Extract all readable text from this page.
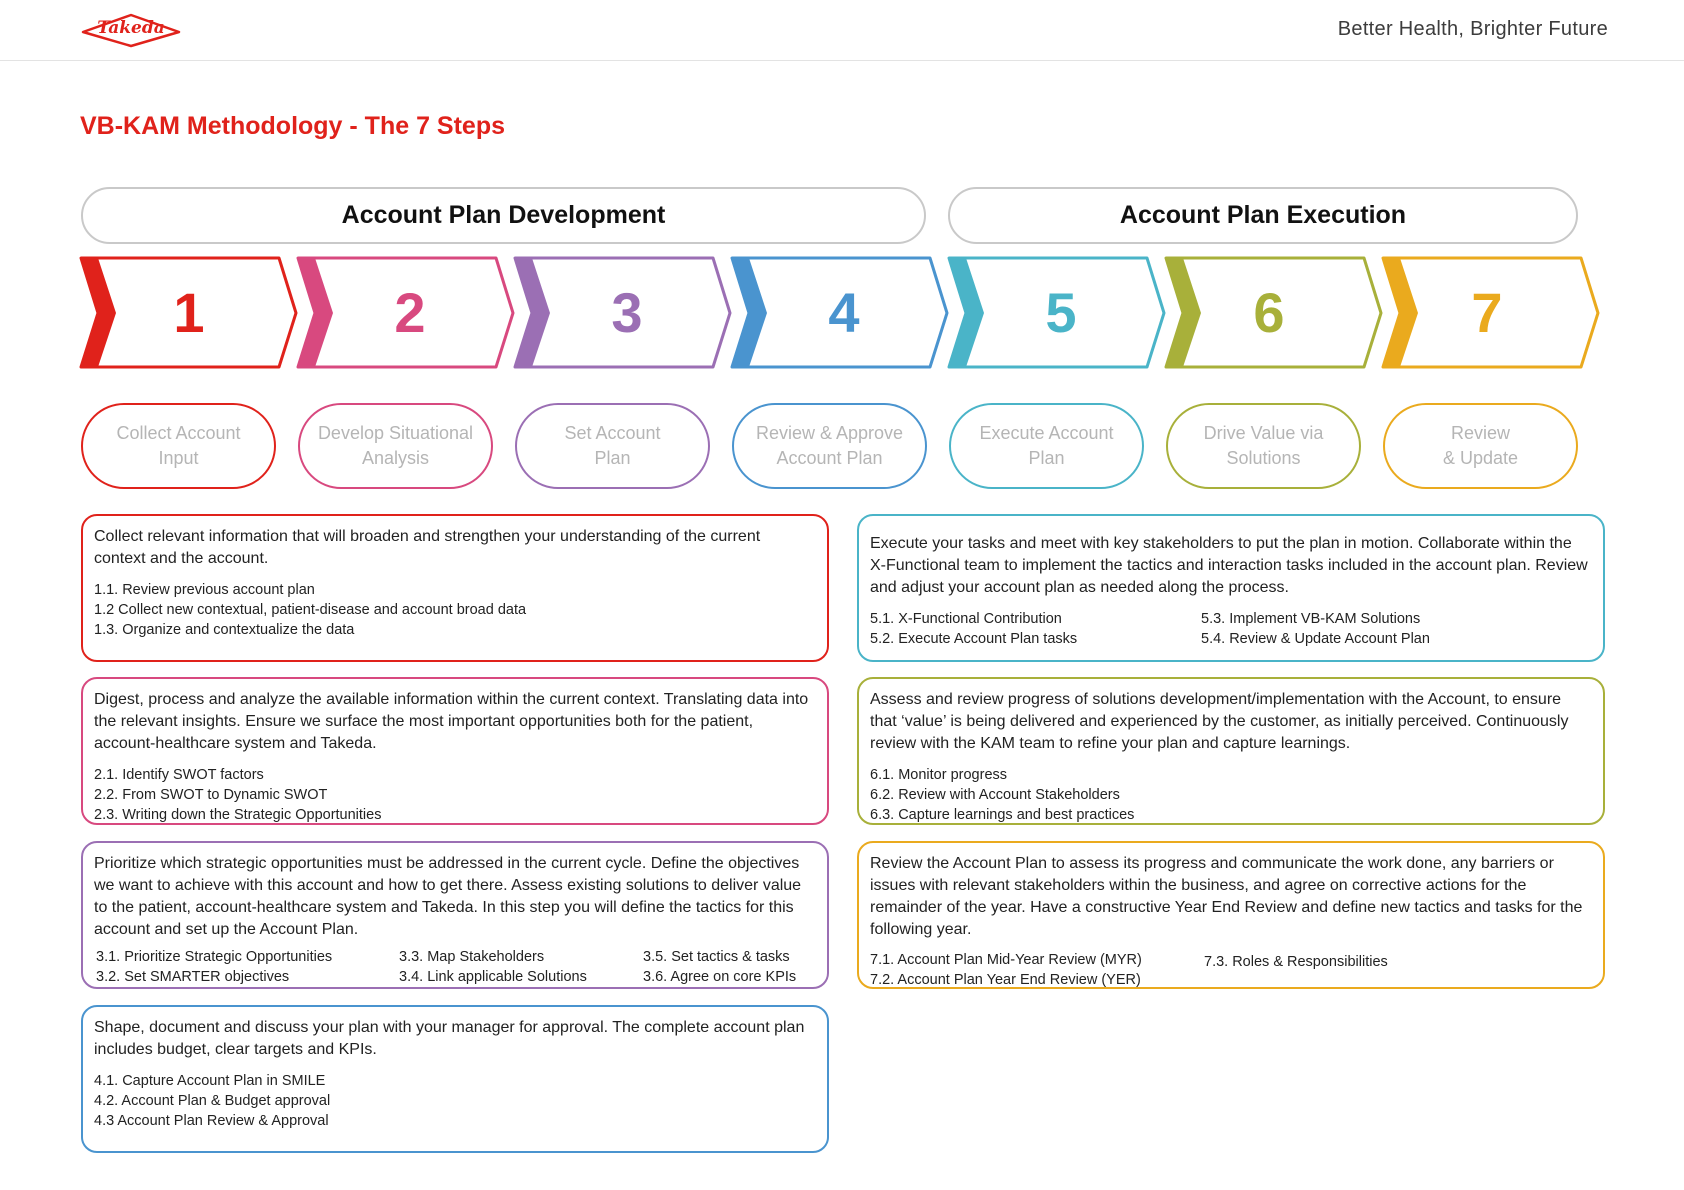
Takeda	Better Health, Brighter Future
VB-KAM Methodology - The 7 Steps
Account Plan Development	Account Plan Execution
1	2	3	4	5	6	7
Collect Account
Input
Develop Situational
Analysis
Set Account
Plan
Review & Approve
Account Plan
Execute Account
Plan
Drive Value via
Solutions
Review
& Update
Collect relevant information that will broaden and strengthen your understanding of the current context and the account.
1.1. Review previous account plan
1.2 Collect new contextual, patient-disease and account broad data
1.3. Organize and contextualize the data
Digest, process and analyze the available information within the current context. Translating data into the relevant insights. Ensure we surface the most important opportunities both for the patient, account-healthcare system and Takeda.
2.1. Identify SWOT factors
2.2. From SWOT to Dynamic SWOT
2.3. Writing down the Strategic Opportunities
Prioritize which strategic opportunities must be addressed in the current cycle. Define the objectives we want to achieve with this account and how to get there. Assess existing solutions to deliver value to the patient, account-healthcare system and Takeda. In this step you will define the tactics for this account and set up the Account Plan.
3.1. Prioritize Strategic Opportunities
3.2. Set SMARTER objectives
3.3. Map Stakeholders
3.4. Link applicable Solutions
3.5. Set tactics & tasks
3.6. Agree on core KPIs
Shape, document and discuss your plan with your manager for approval. The complete account plan includes budget, clear targets and KPIs.
4.1. Capture Account Plan in SMILE
4.2. Account Plan & Budget approval
4.3 Account Plan Review & Approval
Execute your tasks and meet with key stakeholders to put the plan in motion. Collaborate within the X-Functional team to implement the tactics and interaction tasks included in the account plan. Review and adjust your account plan as needed along the process.
5.1. X-Functional Contribution
5.2. Execute Account Plan tasks
5.3. Implement VB-KAM Solutions
5.4. Review & Update Account Plan
Assess and review progress of solutions development/implementation with the Account, to ensure that ‘value’ is being delivered and experienced by the customer, as initially perceived. Continuously review with the KAM team to refine your plan and capture learnings.
6.1. Monitor progress
6.2. Review with Account Stakeholders
6.3. Capture learnings and best practices
Review the Account Plan to assess its progress and communicate the work done, any barriers or issues with relevant stakeholders within the business, and agree on corrective actions for the remainder of the year. Have a constructive Year End Review and define new tactics and tasks for the following year.
7.1. Account Plan Mid-Year Review (MYR)
7.2. Account Plan Year End Review (YER)
7.3. Roles & Responsibilities
